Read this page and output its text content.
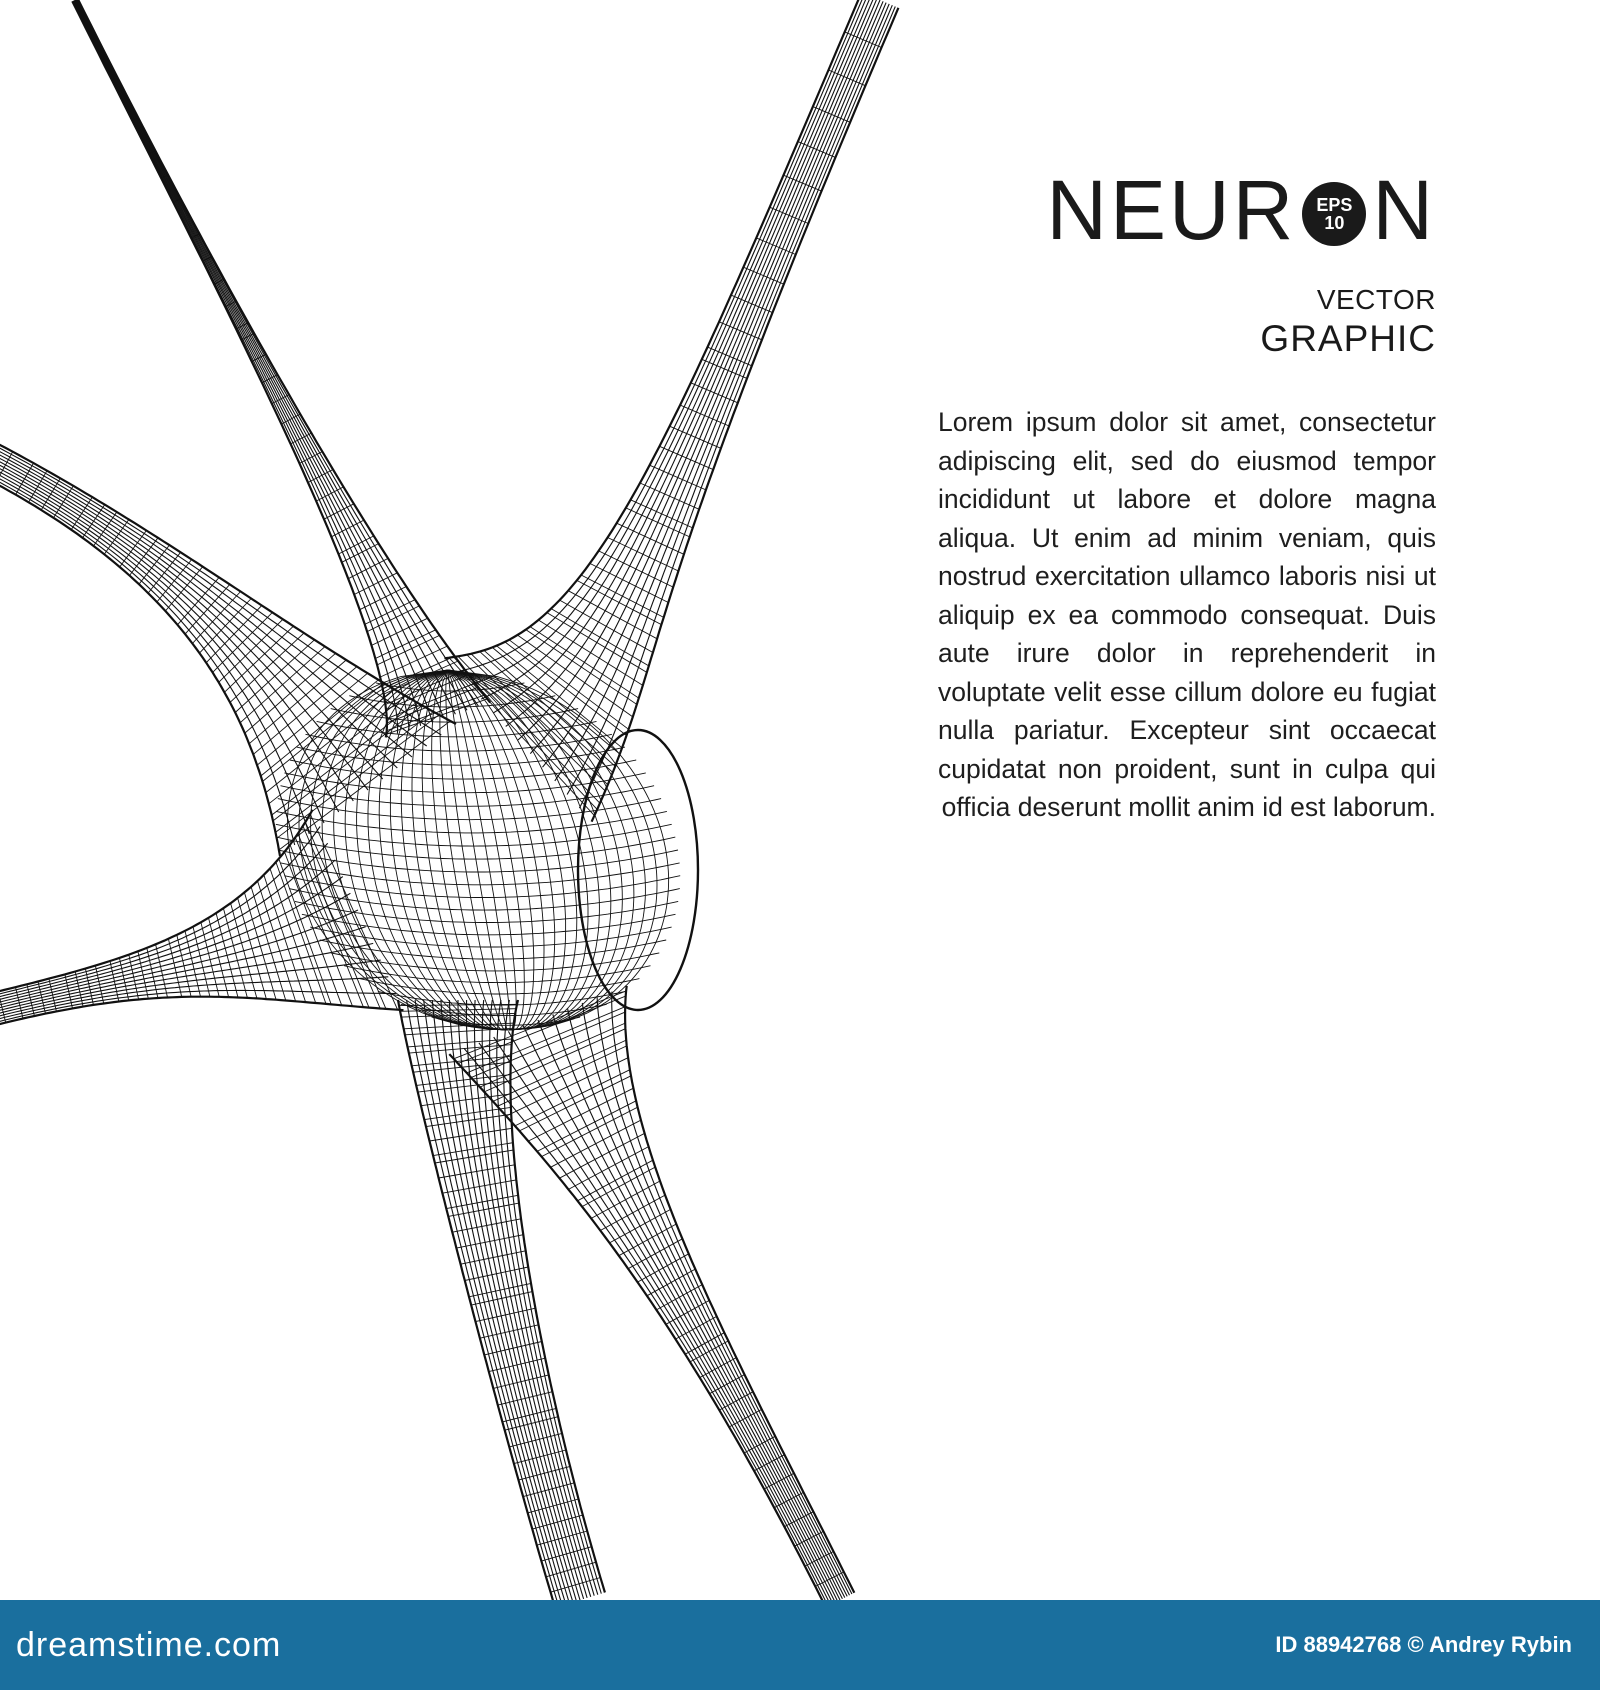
NEUR EPS
10 N
VECTOR
GRAPHIC
Lorem ipsum dolor sit amet, consectetur adipiscing elit, sed do eiusmod tempor incididunt ut labore et dolore magna aliqua. Ut enim ad minim veniam, quis nostrud exercitation ullamco laboris nisi ut aliquip ex ea commodo consequat. Duis aute irure dolor in reprehenderit in voluptate velit esse cillum dolore eu fugiat nulla pariatur. Excepteur sint occaecat cupidatat non proident, sunt in culpa qui officia deserunt mollit anim id est laborum.
dreamstime.com	ID 88942768 © Andrey Rybin
